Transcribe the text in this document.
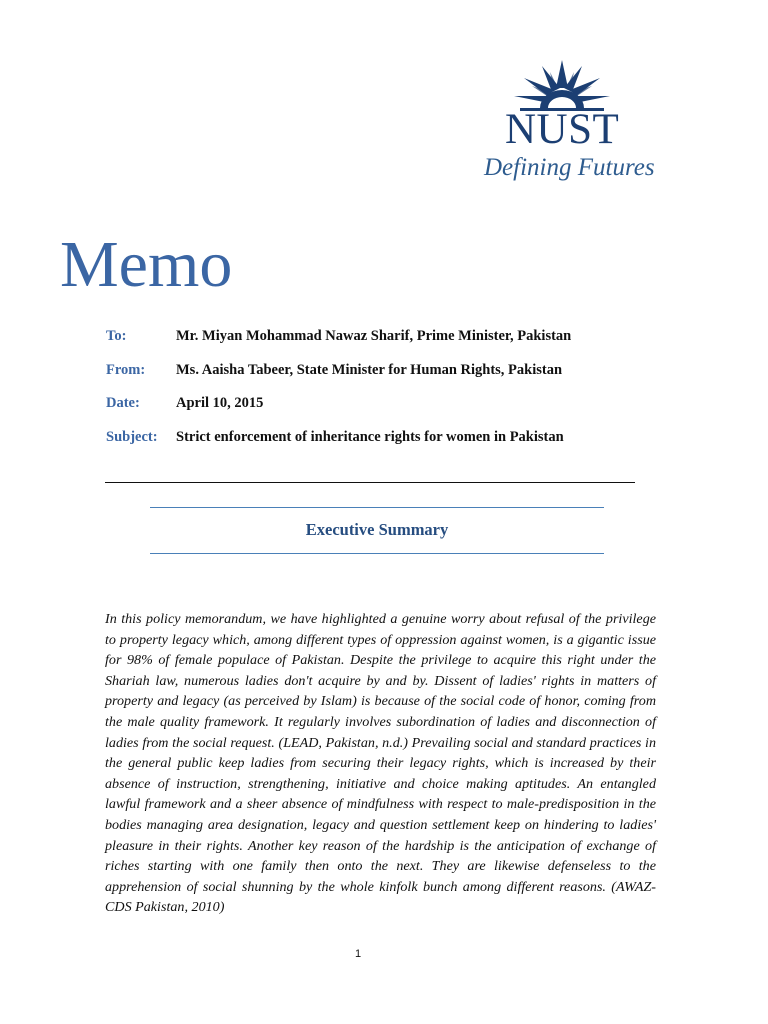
NUST
Defining Futures
Memo
To:	Mr. Miyan Mohammad Nawaz Sharif, Prime Minister, Pakistan
From:	Ms. Aaisha Tabeer, State Minister for Human Rights, Pakistan
Date:	April 10, 2015
Subject:	Strict enforcement of inheritance rights for women in Pakistan
Executive Summary

In this policy memorandum, we have highlighted a genuine worry about refusal of the privilege to property legacy which, among different types of oppression against women, is a gigantic issue for 98% of female populace of Pakistan. Despite the privilege to acquire this right under the Shariah law, numerous ladies don't acquire by and by. Dissent of ladies' rights in matters of property and legacy (as perceived by Islam) is because of the social code of honor, coming from the male quality framework. It regularly involves subordination of ladies and disconnection of ladies from the social request. (LEAD, Pakistan, n.d.) Prevailing social and standard practices in the general public keep ladies from securing their legacy rights, which is increased by their absence of instruction, strengthening, initiative and choice making aptitudes. An entangled lawful framework and a sheer absence of mindfulness with respect to male-predisposition in the bodies managing area designation, legacy and question settlement keep on hindering to ladies' pleasure in their rights. Another key reason of the hardship is the anticipation of exchange of riches starting with one family then onto the next. They are likewise defenseless to the apprehension of social shunning by the whole kinfolk bunch among different reasons. (AWAZ-CDS Pakistan, 2010)

1
